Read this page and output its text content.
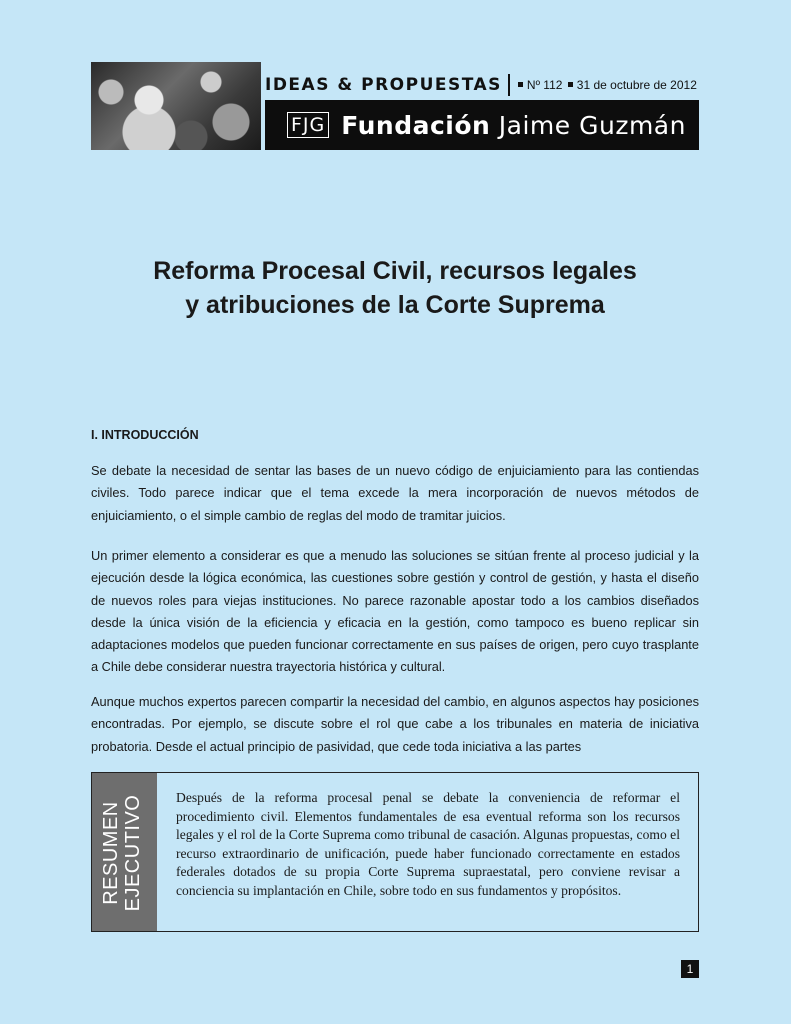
IDEAS & PROPUESTAS	Nº 112 31 de octubre de 2012
FJG Fundación Jaime Guzmán
Reforma Procesal Civil, recursos legales
y atribuciones de la Corte Suprema
I. INTRODUCCIÓN

Se debate la necesidad de sentar las bases de un nuevo código de enjuiciamiento para las contiendas civiles. Todo parece indicar que el tema excede la mera incorporación de nuevos métodos de enjuiciamiento, o el simple cambio de reglas del modo de tramitar juicios.

Un primer elemento a considerar es que a menudo las soluciones se sitúan frente al proceso judicial y la ejecución desde la lógica económica, las cuestiones sobre gestión y control de gestión, y hasta el diseño de nuevos roles para viejas instituciones. No parece razonable apostar todo a los cambios diseñados desde la única visión de la eficiencia y eficacia en la gestión, como tampoco es bueno replicar sin adaptaciones modelos que pueden funcionar correctamente en sus países de origen, pero cuyo trasplante a Chile debe considerar nuestra trayectoria histórica y cultural.

Aunque muchos expertos parecen compartir la necesidad del cambio, en algunos aspectos hay posiciones encontradas. Por ejemplo, se discute sobre el rol que cabe a los tribunales en materia de iniciativa probatoria. Desde el actual principio de pasividad, que cede toda iniciativa a las partes

RESUMEN
EJECUTIVO Después de la reforma procesal penal se debate la conveniencia de reformar el procedimiento civil. Elementos fundamentales de esa eventual reforma son los recursos legales y el rol de la Corte Suprema como tribunal de casación. Algunas propuestas, como el recurso extraordinario de unificación, puede haber funcionado correctamente en estados federales dotados de su propia Corte Suprema supraestatal, pero conviene revisar a conciencia su implantación en Chile, sobre todo en sus fundamentos y propósitos.

1
